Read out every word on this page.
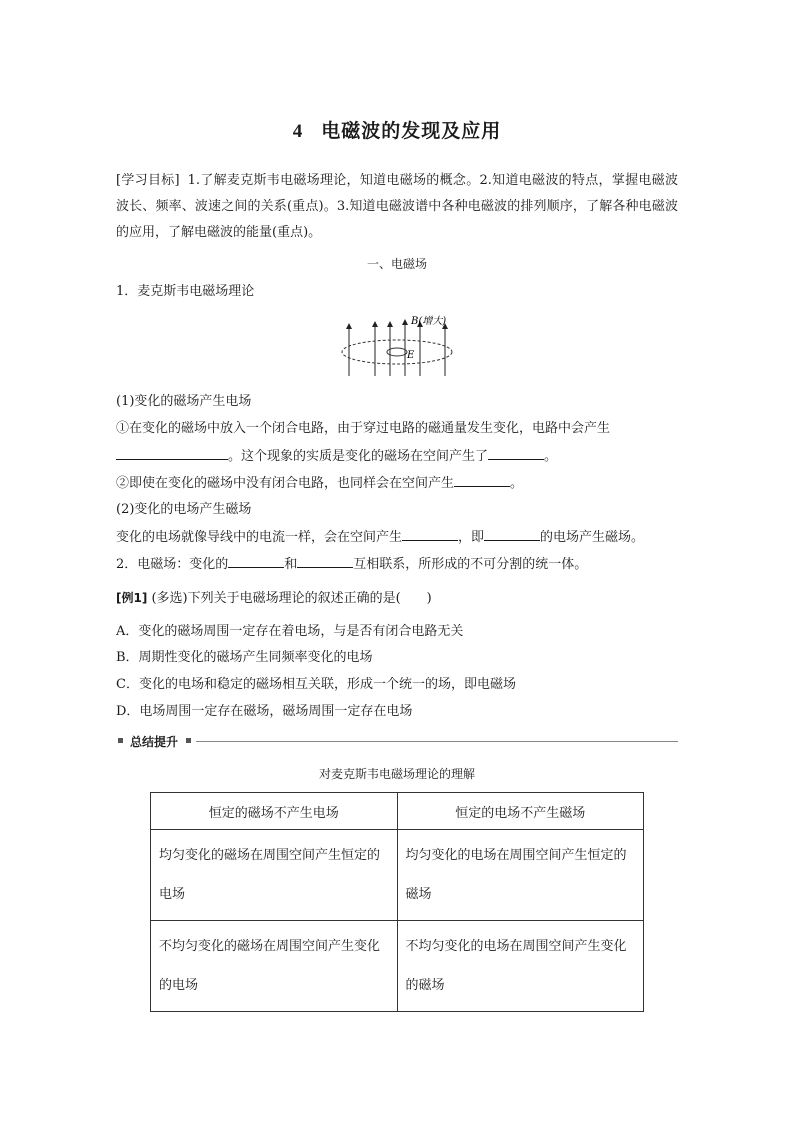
4 电磁波的发现及应用
[学习目标] 1.了解麦克斯韦电磁场理论，知道电磁场的概念。2.知道电磁波的特点，掌握电磁波波长、频率、波速之间的关系(重点)。3.知道电磁波谱中各种电磁波的排列顺序，了解各种电磁波的应用，了解电磁波的能量(重点)。
一、电磁场
1．麦克斯韦电磁场理论
B(增大)
E
(1)变化的磁场产生电场
①在变化的磁场中放入一个闭合电路，由于穿过电路的磁通量发生变化，电路中会产生
。这个现象的实质是变化的磁场在空间产生了	。
②即使在变化的磁场中没有闭合电路，也同样会在空间产生	。
(2)变化的电场产生磁场
变化的电场就像导线中的电流一样，会在空间产生	，即	的电场产生磁场。
2．电磁场：变化的	和	互相联系，所形成的不可分割的统一体。
[例1] (多选)下列关于电磁场理论的叙述正确的是(　　)
A．变化的磁场周围一定存在着电场，与是否有闭合电路无关
B．周期性变化的磁场产生同频率变化的电场
C．变化的电场和稳定的磁场相互关联，形成一个统一的场，即电磁场
D．电场周围一定存在磁场，磁场周围一定存在电场
总结提升
对麦克斯韦电磁场理论的理解
恒定的磁场不产生电场	恒定的电场不产生磁场
均匀变化的磁场在周围空间产生恒定的电场	均匀变化的电场在周围空间产生恒定的磁场
不均匀变化的磁场在周围空间产生变化的电场	不均匀变化的电场在周围空间产生变化的磁场
